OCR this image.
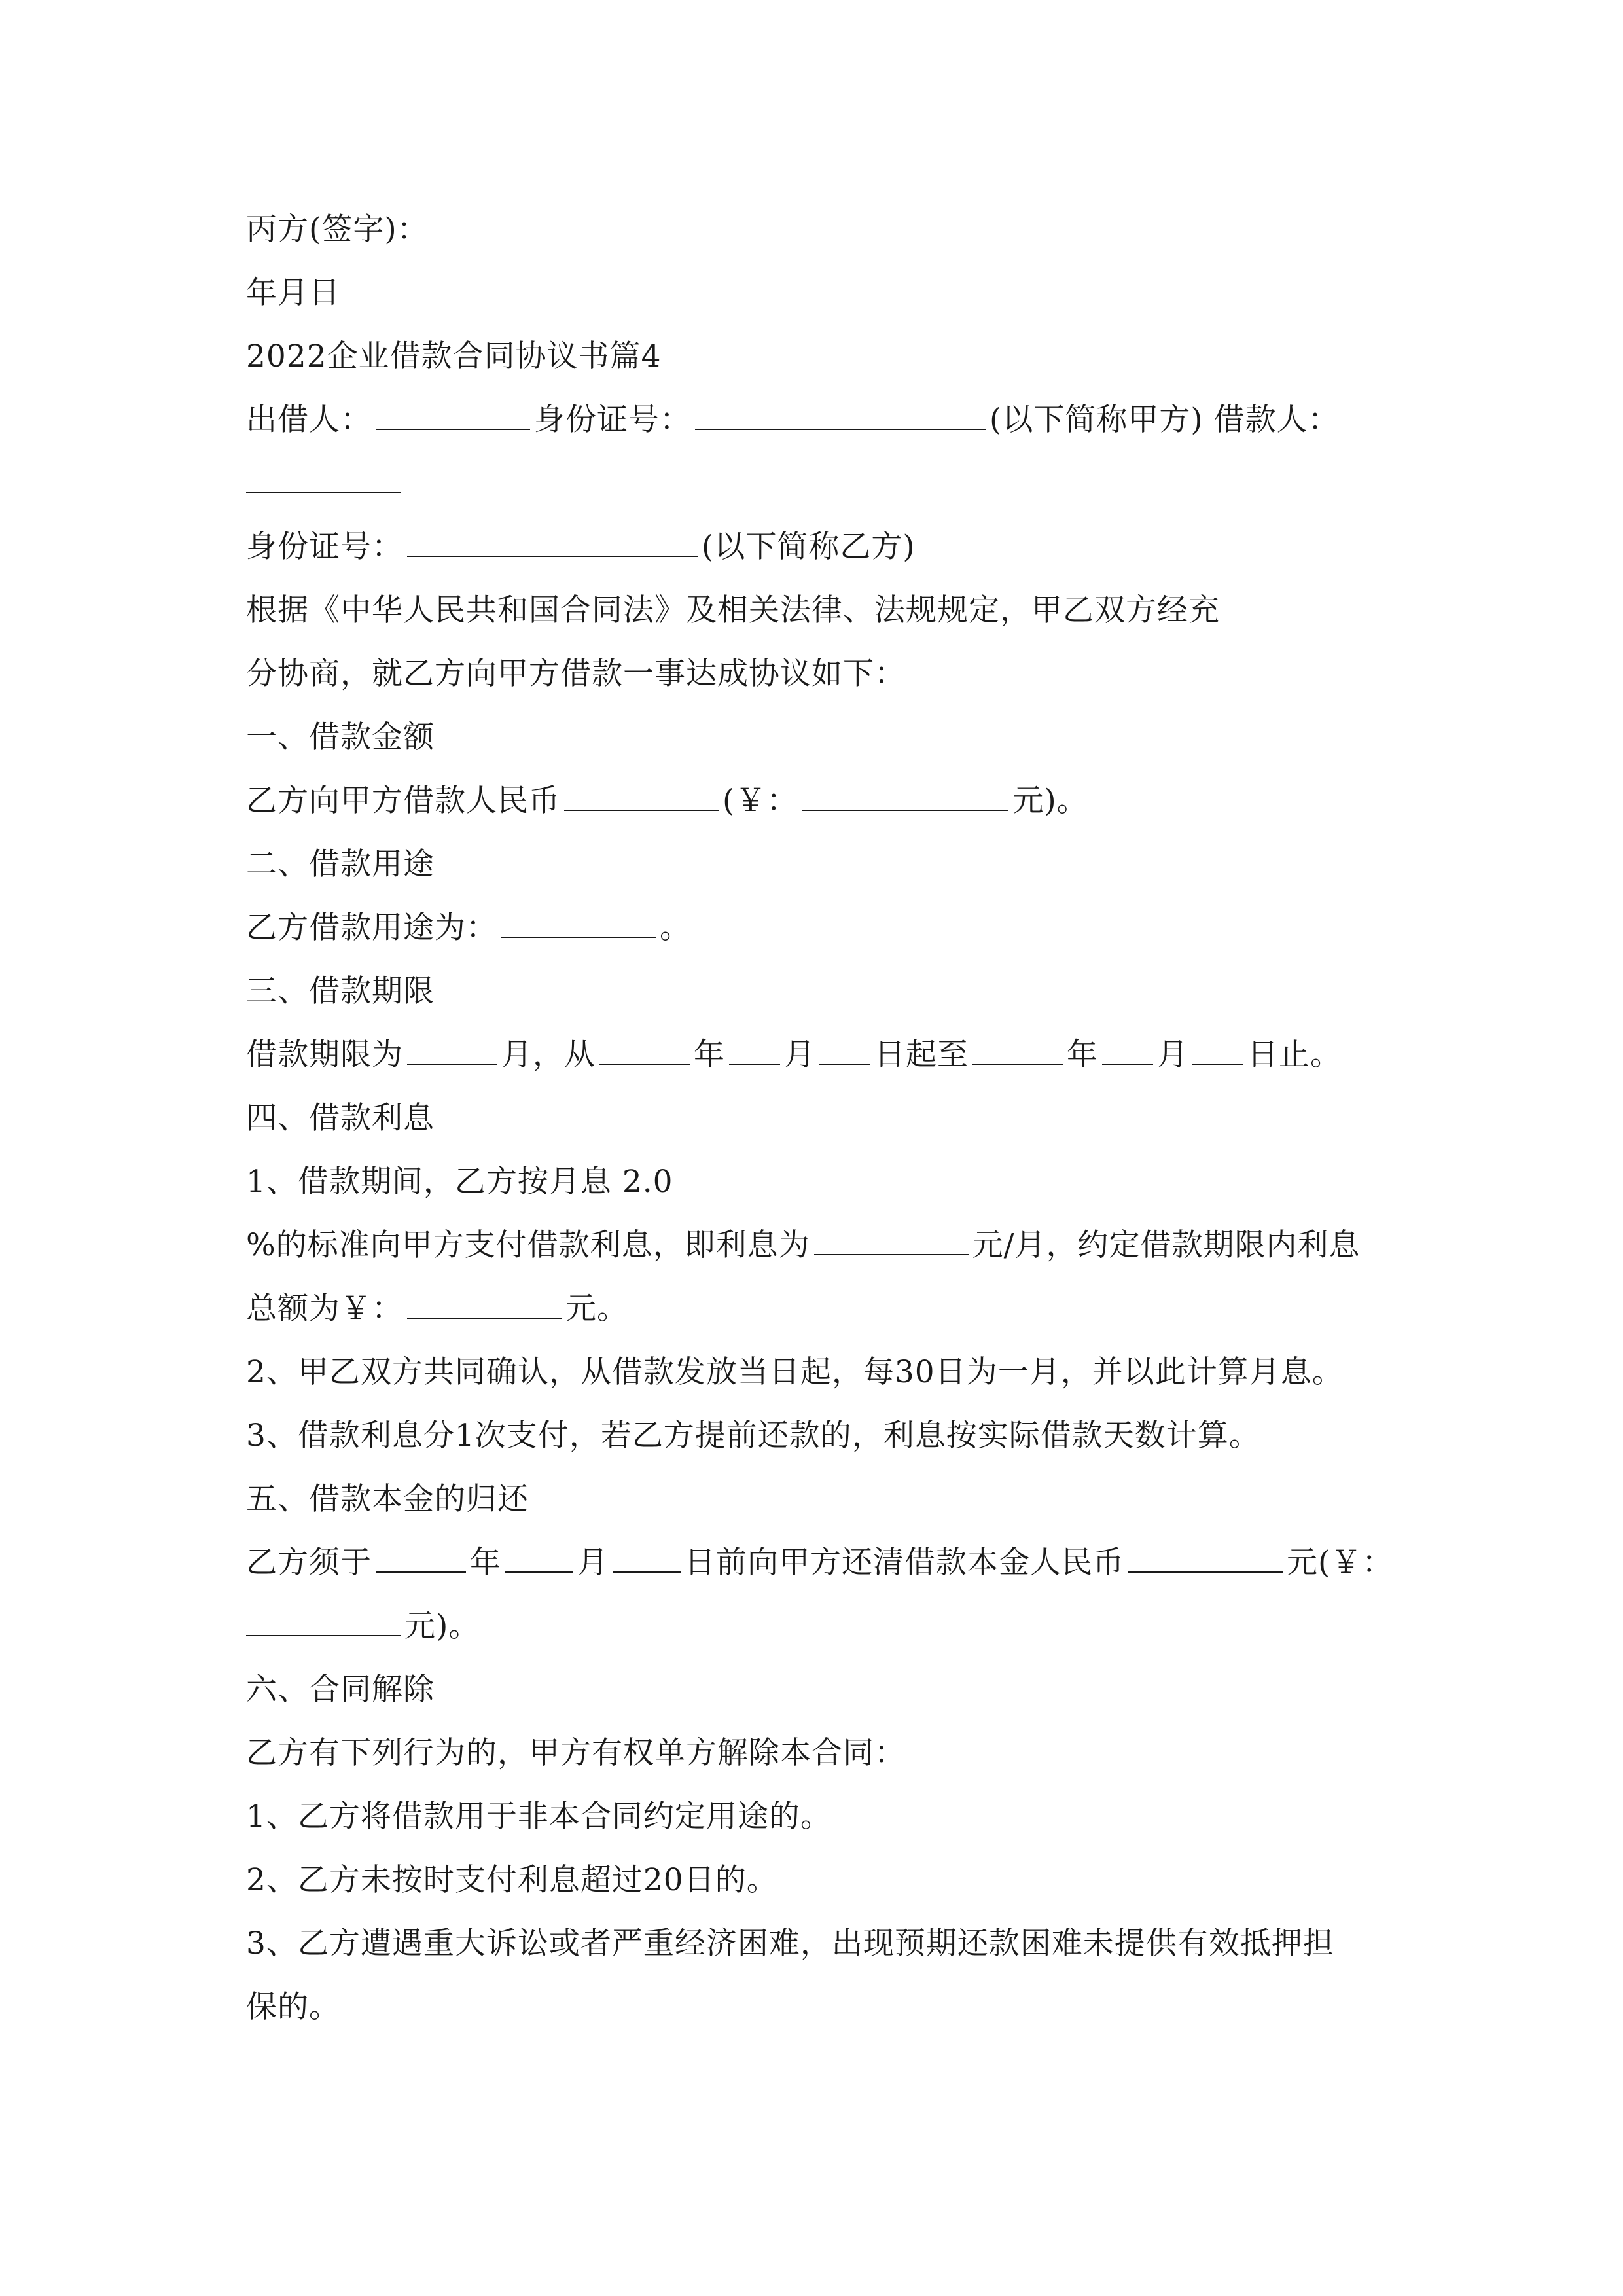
丙方(签字)：
年月日
2022企业借款合同协议书篇4
出借人：	身份证号：	(以下简称甲方) 借款人：
身份证号：	(以下简称乙方)
根据《中华人民共和国合同法》及相关法律、法规规定，甲乙双方经充
分协商，就乙方向甲方借款一事达成协议如下：
一、借款金额
乙方向甲方借款人民币	(￥：	元)。
二、借款用途
乙方借款用途为：	。
三、借款期限
借款期限为	月，从	年 月 日起至	年 月 日止。
四、借款利息
1、借款期间，乙方按月息 2.0
%的标准向甲方支付借款利息，即利息为	元/月，约定借款期限内利息
总额为￥：	元。
2、甲乙双方共同确认，从借款发放当日起，每30日为一月，并以此计算月息。
3、借款利息分1次支付，若乙方提前还款的，利息按实际借款天数计算。
五、借款本金的归还
乙方须于	年 月 日前向甲方还清借款本金人民币	元(￥：
元)。
六、合同解除
乙方有下列行为的，甲方有权单方解除本合同：
1、乙方将借款用于非本合同约定用途的。
2、乙方未按时支付利息超过20日的。
3、乙方遭遇重大诉讼或者严重经济困难，出现预期还款困难未提供有效抵押担
保的。
